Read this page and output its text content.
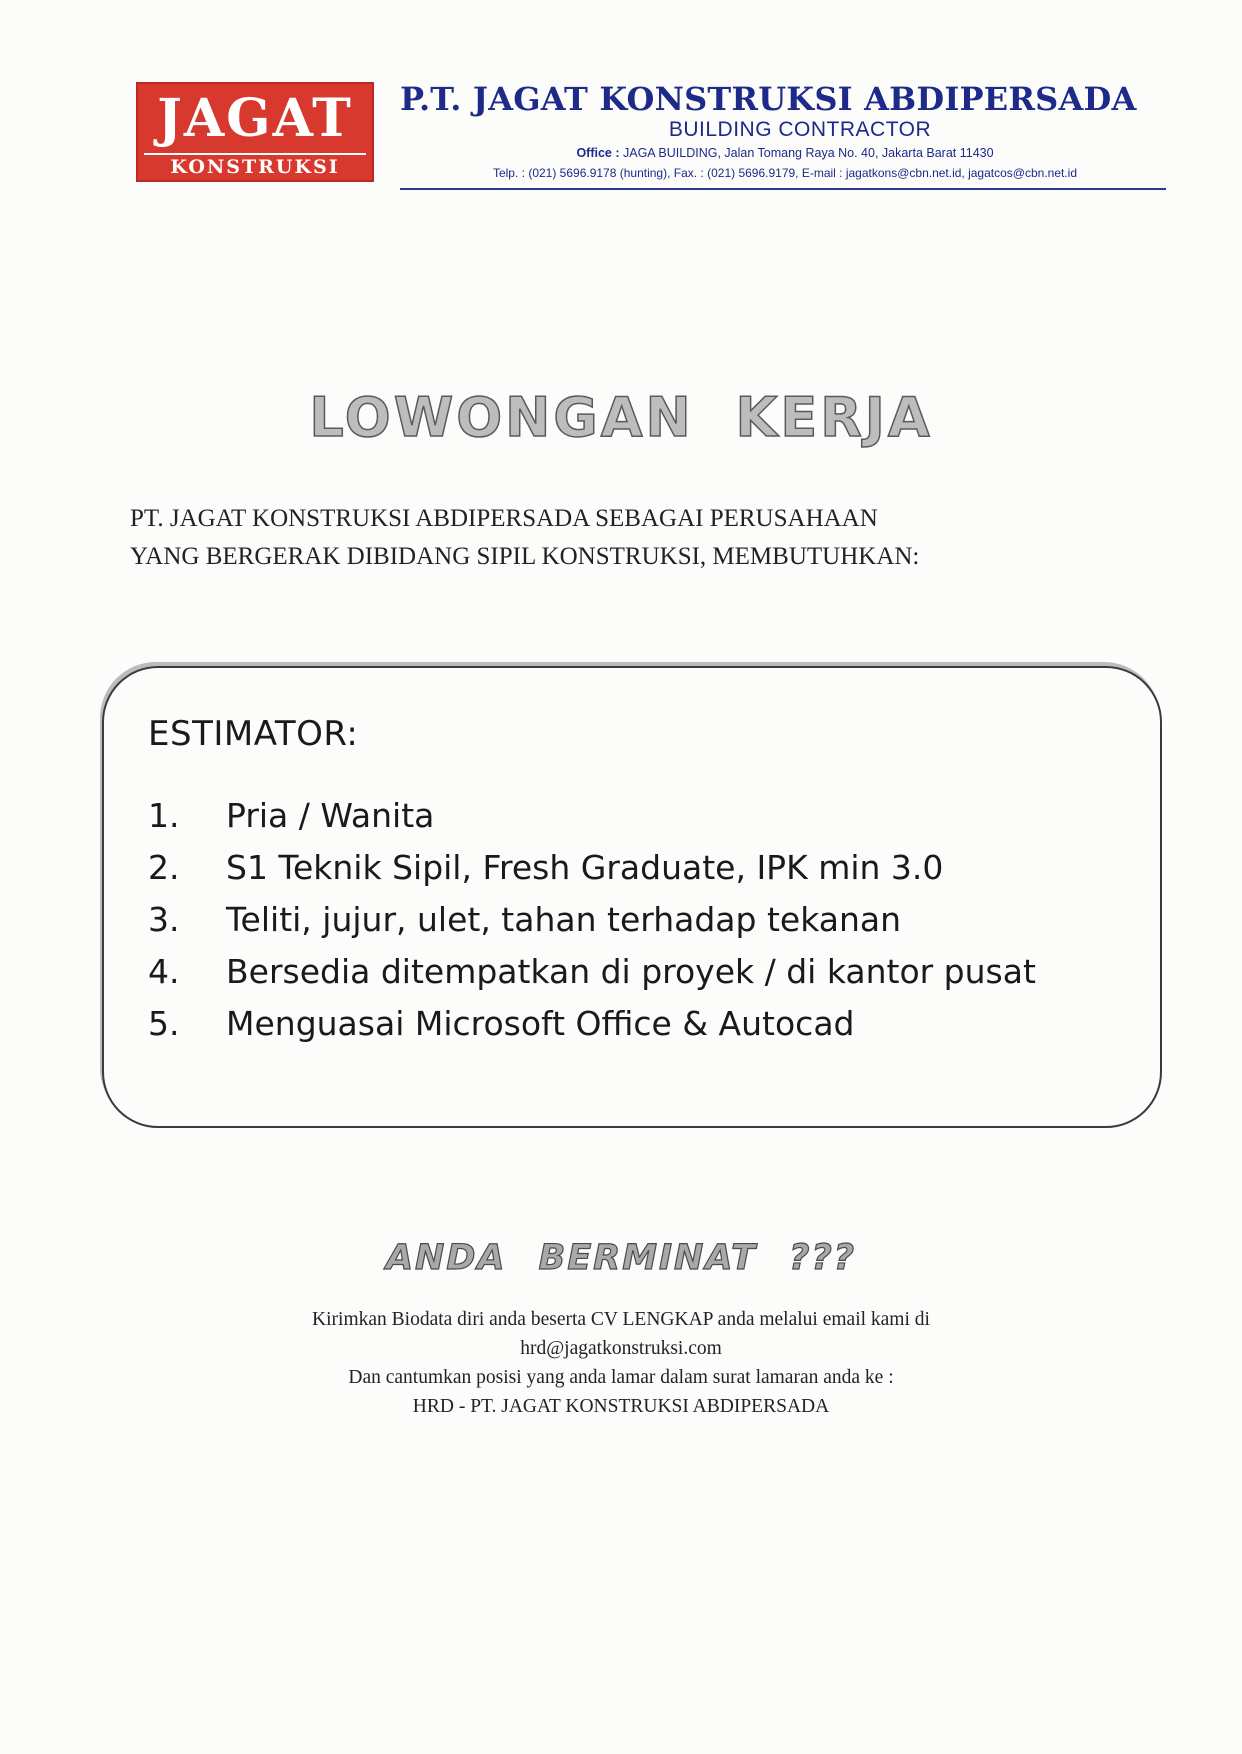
JAGAT
KONSTRUKSI
P.T. JAGAT KONSTRUKSI ABDIPERSADA
BUILDING CONTRACTOR
Office : JAGA BUILDING, Jalan Tomang Raya No. 40, Jakarta Barat 11430
Telp. : (021) 5696.9178 (hunting), Fax. : (021) 5696.9179, E-mail : jagatkons@cbn.net.id, jagatcos@cbn.net.id
LOWONGAN KERJA
PT. JAGAT KONSTRUKSI ABDIPERSADA SEBAGAI PERUSAHAAN
YANG BERGERAK DIBIDANG SIPIL KONSTRUKSI, MEMBUTUHKAN:
ESTIMATOR:
1. Pria / Wanita
2. S1 Teknik Sipil, Fresh Graduate, IPK min 3.0
3. Teliti, jujur, ulet, tahan terhadap tekanan
4. Bersedia ditempatkan di proyek / di kantor pusat
5. Menguasai Microsoft Office & Autocad
ANDA BERMINAT ???
Kirimkan Biodata diri anda beserta CV LENGKAP anda melalui email kami di
hrd@jagatkonstruksi.com
Dan cantumkan posisi yang anda lamar dalam surat lamaran anda ke :
HRD - PT. JAGAT KONSTRUKSI ABDIPERSADA
